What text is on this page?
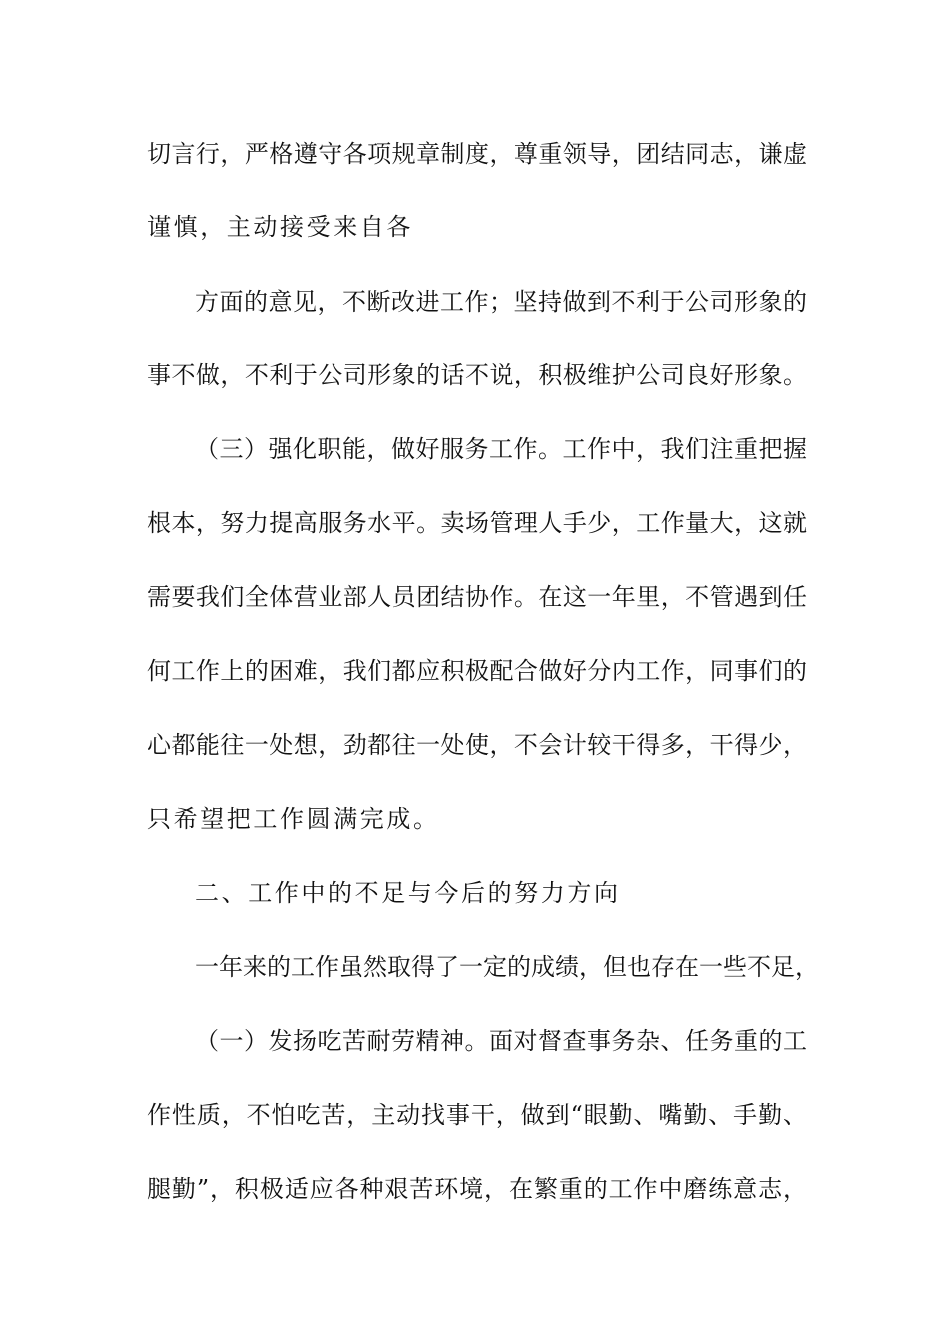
切言行，严格遵守各项规章制度，尊重领导，团结同志，谦虚
谨慎，主动接受来自各
方面的意见，不断改进工作；坚持做到不利于公司形象的
事不做，不利于公司形象的话不说，积极维护公司良好形象。
（三）强化职能，做好服务工作。工作中，我们注重把握
根本，努力提高服务水平。卖场管理人手少，工作量大，这就
需要我们全体营业部人员团结协作。在这一年里，不管遇到任
何工作上的困难，我们都应积极配合做好分内工作，同事们的
心都能往一处想，劲都往一处使，不会计较干得多，干得少，
只希望把工作圆满完成。
二、工作中的不足与今后的努力方向
一年来的工作虽然取得了一定的成绩，但也存在一些不足，
（一）发扬吃苦耐劳精神。面对督查事务杂、任务重的工
作性质，不怕吃苦，主动找事干，做到“眼勤、嘴勤、手勤、
腿勤”，积极适应各种艰苦环境，在繁重的工作中磨练意志，
